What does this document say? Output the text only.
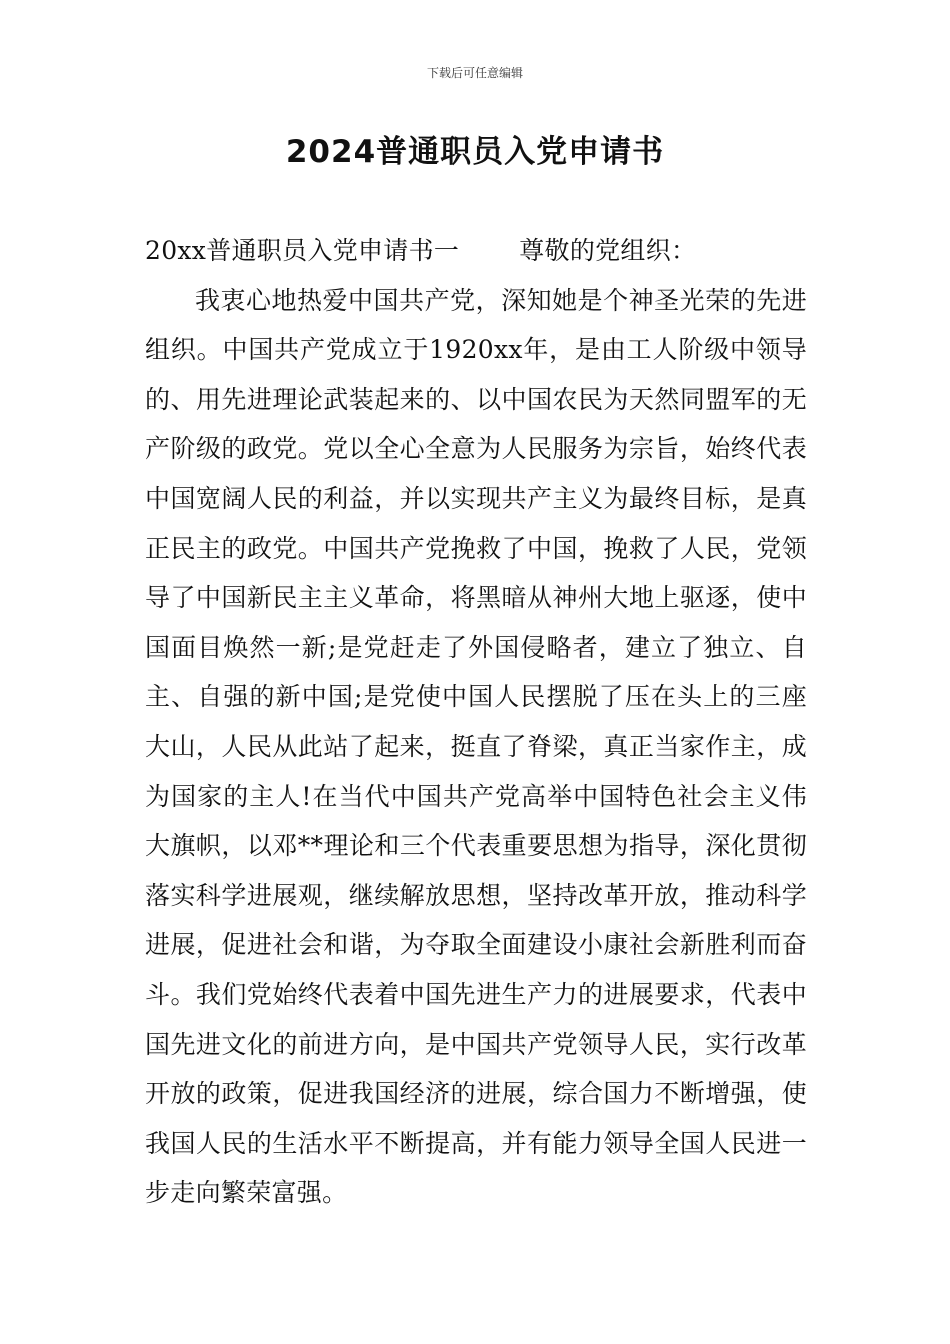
下载后可任意编辑
2024普通职员入党申请书

20xx普通职员入党申请书一 尊敬的党组织：

我衷心地热爱中国共产党，深知她是个神圣光荣的先进组织。中国共产党成立于1920xx年，是由工人阶级中领导的、用先进理论武装起来的、以中国农民为天然同盟军的无产阶级的政党。党以全心全意为人民服务为宗旨，始终代表中国宽阔人民的利益，并以实现共产主义为最终目标，是真正民主的政党。中国共产党挽救了中国，挽救了人民，党领导了中国新民主主义革命，将黑暗从神州大地上驱逐，使中国面目焕然一新;是党赶走了外国侵略者，建立了独立、自主、自强的新中国;是党使中国人民摆脱了压在头上的三座大山，人民从此站了起来，挺直了脊梁，真正当家作主，成为国家的主人!在当代中国共产党高举中国特色社会主义伟大旗帜，以邓**理论和三个代表重要思想为指导，深化贯彻落实科学进展观，继续解放思想，坚持改革开放，推动科学进展，促进社会和谐，为夺取全面建设小康社会新胜利而奋斗。我们党始终代表着中国先进生产力的进展要求，代表中国先进文化的前进方向，是中国共产党领导人民，实行改革开放的政策，促进我国经济的进展，综合国力不断增强，使我国人民的生活水平不断提高，并有能力领导全国人民进一步走向繁荣富强。
